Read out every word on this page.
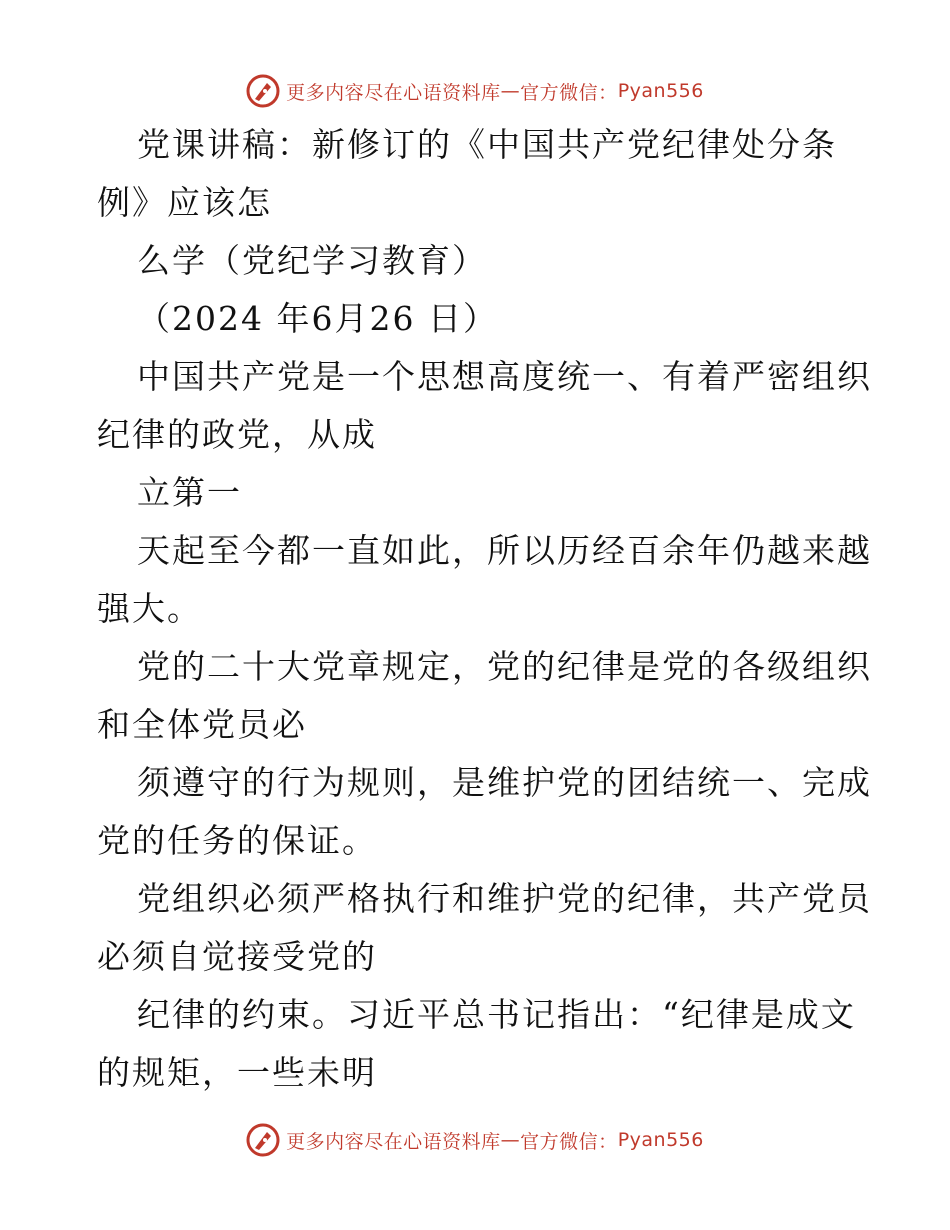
更多内容尽在心语资料库 — 官方微信： Pyan556
党课讲稿：新修订的《中国共产党纪律处分条
例》应该怎
么学（党纪学习教育）
（2024 年6月26 日）
中国共产党是一个思想高度统一、有着严密组织
纪律的政党，从成
立第一
天起至今都一直如此，所以历经百余年仍越来越
强大。
党的二十大党章规定，党的纪律是党的各级组织
和全体党员必
须遵守的行为规则，是维护党的团结统一、完成
党的任务的保证。
党组织必须严格执行和维护党的纪律，共产党员
必须自觉接受党的
纪律的约束。习近平总书记指出：“纪律是成文
的规矩，一些未明
更多内容尽在心语资料库 — 官方微信： Pyan556
